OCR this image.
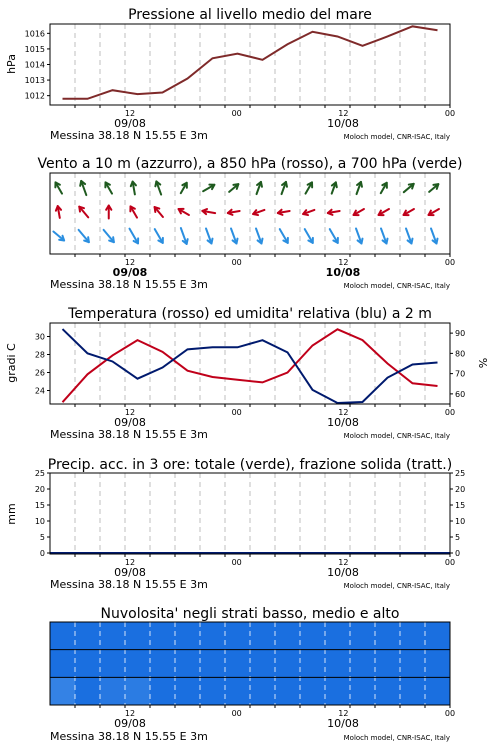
Pressione al livello medio del mare
hPa
1012
1013
1014
1015
1016
12	00	12	00
09/08	10/08
Messina 38.18 N 15.55 E 3m	Moloch model, CNR-ISAC, Italy
Vento a 10 m (azzurro), a 850 hPa (rosso), a 700 hPa (verde)
12	00	12	00
09/08	10/08
Messina 38.18 N 15.55 E 3m	Moloch model, CNR-ISAC, Italy
Temperatura (rosso) ed umidita' relativa (blu) a 2 m
gradi C	%
24
26
28
30
60
70
80
90
12	00	12	00
09/08	10/08
Messina 38.18 N 15.55 E 3m	Moloch model, CNR-ISAC, Italy
Precip. acc. in 3 ore: totale (verde), frazione solida (tratt.)
mm
0
5
10
15
20
25
0
5
10
15
20
25
12	00	12	00
09/08	10/08
Messina 38.18 N 15.55 E 3m	Moloch model, CNR-ISAC, Italy
Nuvolosita' negli strati basso, medio e alto
12	00	12	00
09/08	10/08
Messina 38.18 N 15.55 E 3m	Moloch model, CNR-ISAC, Italy
